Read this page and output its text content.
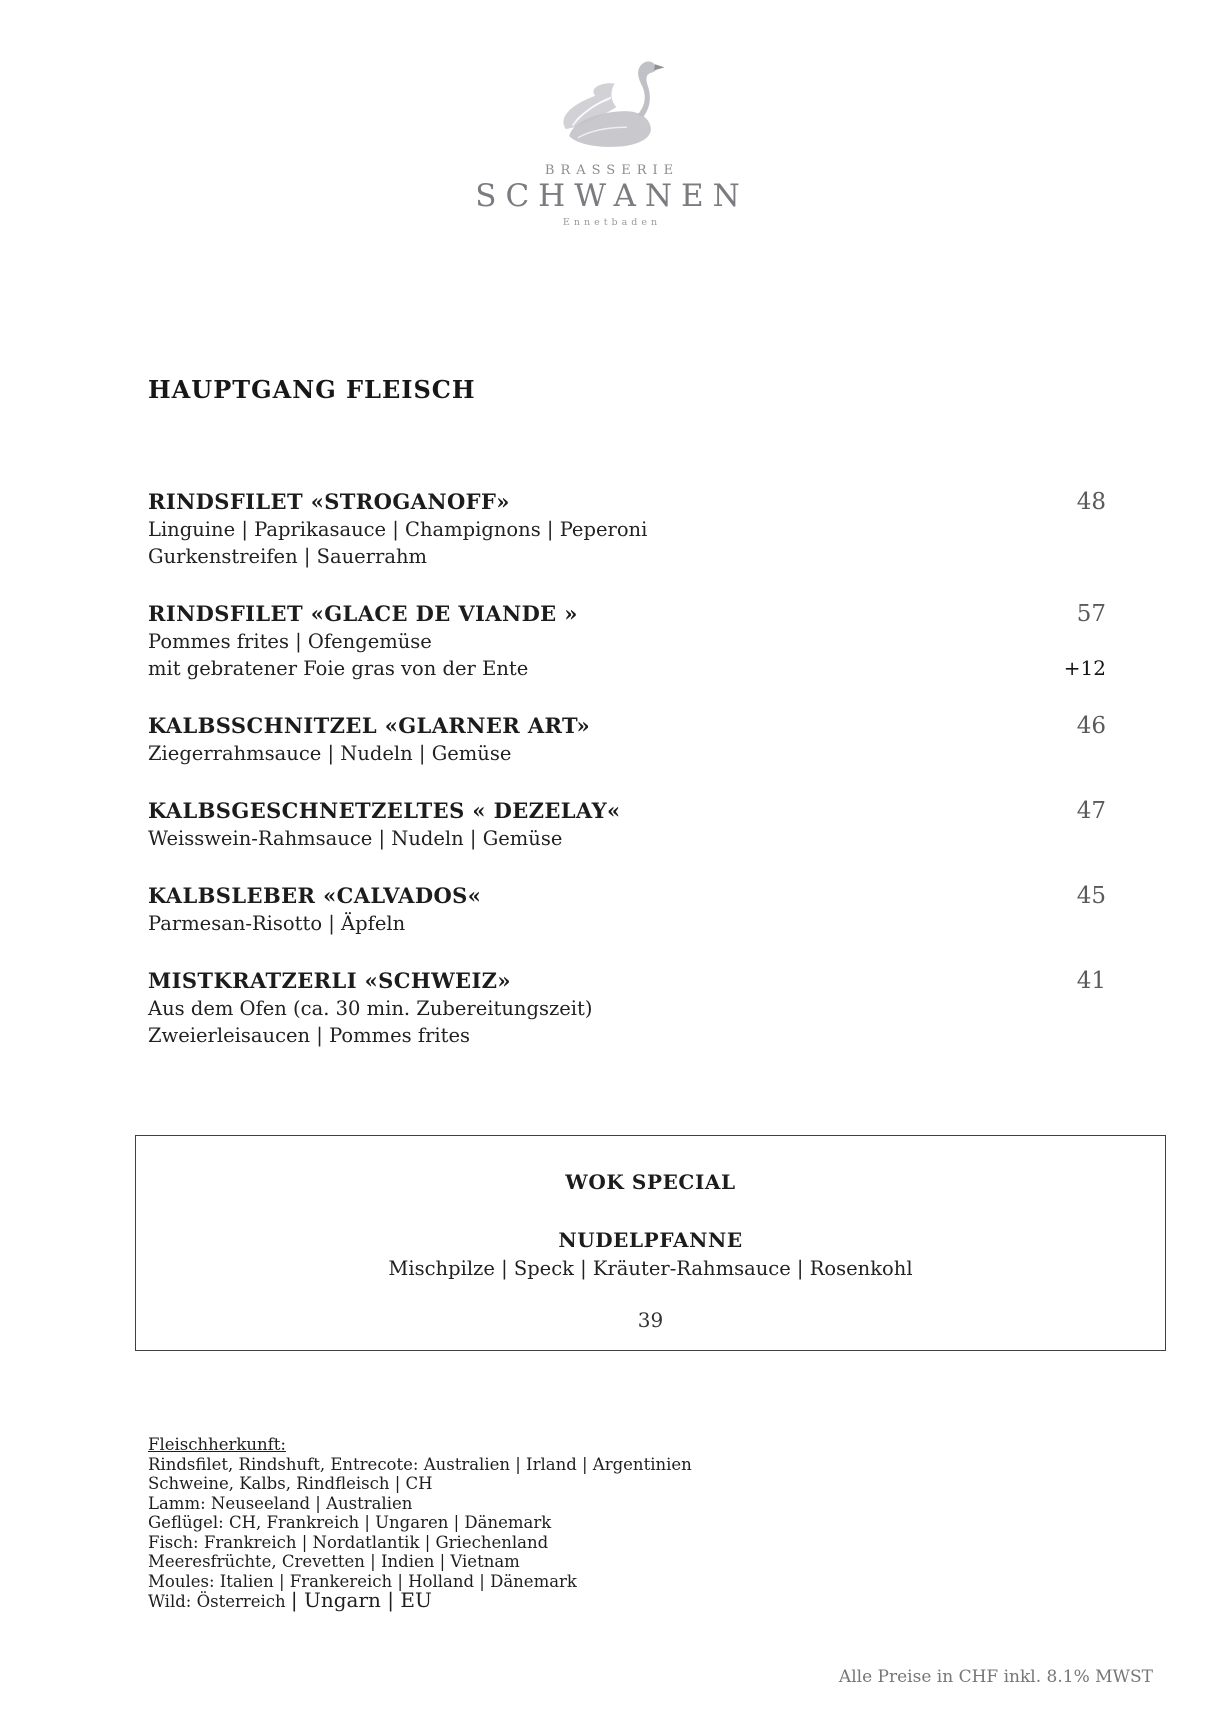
BRASSERIE
SCHWANEN
Ennetbaden
HAUPTGANG FLEISCH
RINDSFILET «STROGANOFF»	48
Linguine | Paprikasauce | Champignons | Peperoni
Gurkenstreifen | Sauerrahm
RINDSFILET «GLACE DE VIANDE »	57
Pommes frites | Ofengemüse
mit gebratener Foie gras von der Ente	+12
KALBSSCHNITZEL «GLARNER ART»	46
Ziegerrahmsauce | Nudeln | Gemüse
KALBSGESCHNETZELTES « DEZELAY«	47
Weisswein-Rahmsauce | Nudeln | Gemüse
KALBSLEBER «CALVADOS«	45
Parmesan-Risotto | Äpfeln
MISTKRATZERLI «SCHWEIZ»	41
Aus dem Ofen (ca. 30 min. Zubereitungszeit)
Zweierleisaucen | Pommes frites
WOK SPECIAL
NUDELPFANNE
Mischpilze | Speck | Kräuter-Rahmsauce | Rosenkohl
39
Fleischherkunft:
Rindsfilet, Rindshuft, Entrecote: Australien | Irland | Argentinien
Schweine, Kalbs, Rindfleisch | CH
Lamm: Neuseeland | Australien
Geflügel: CH, Frankreich | Ungaren | Dänemark
Fisch: Frankreich | Nordatlantik | Griechenland
Meeresfrüchte, Crevetten | Indien | Vietnam
Moules: Italien | Frankereich | Holland | Dänemark
Wild: Österreich | Ungarn | EU
Alle Preise in CHF inkl. 8.1% MWST
